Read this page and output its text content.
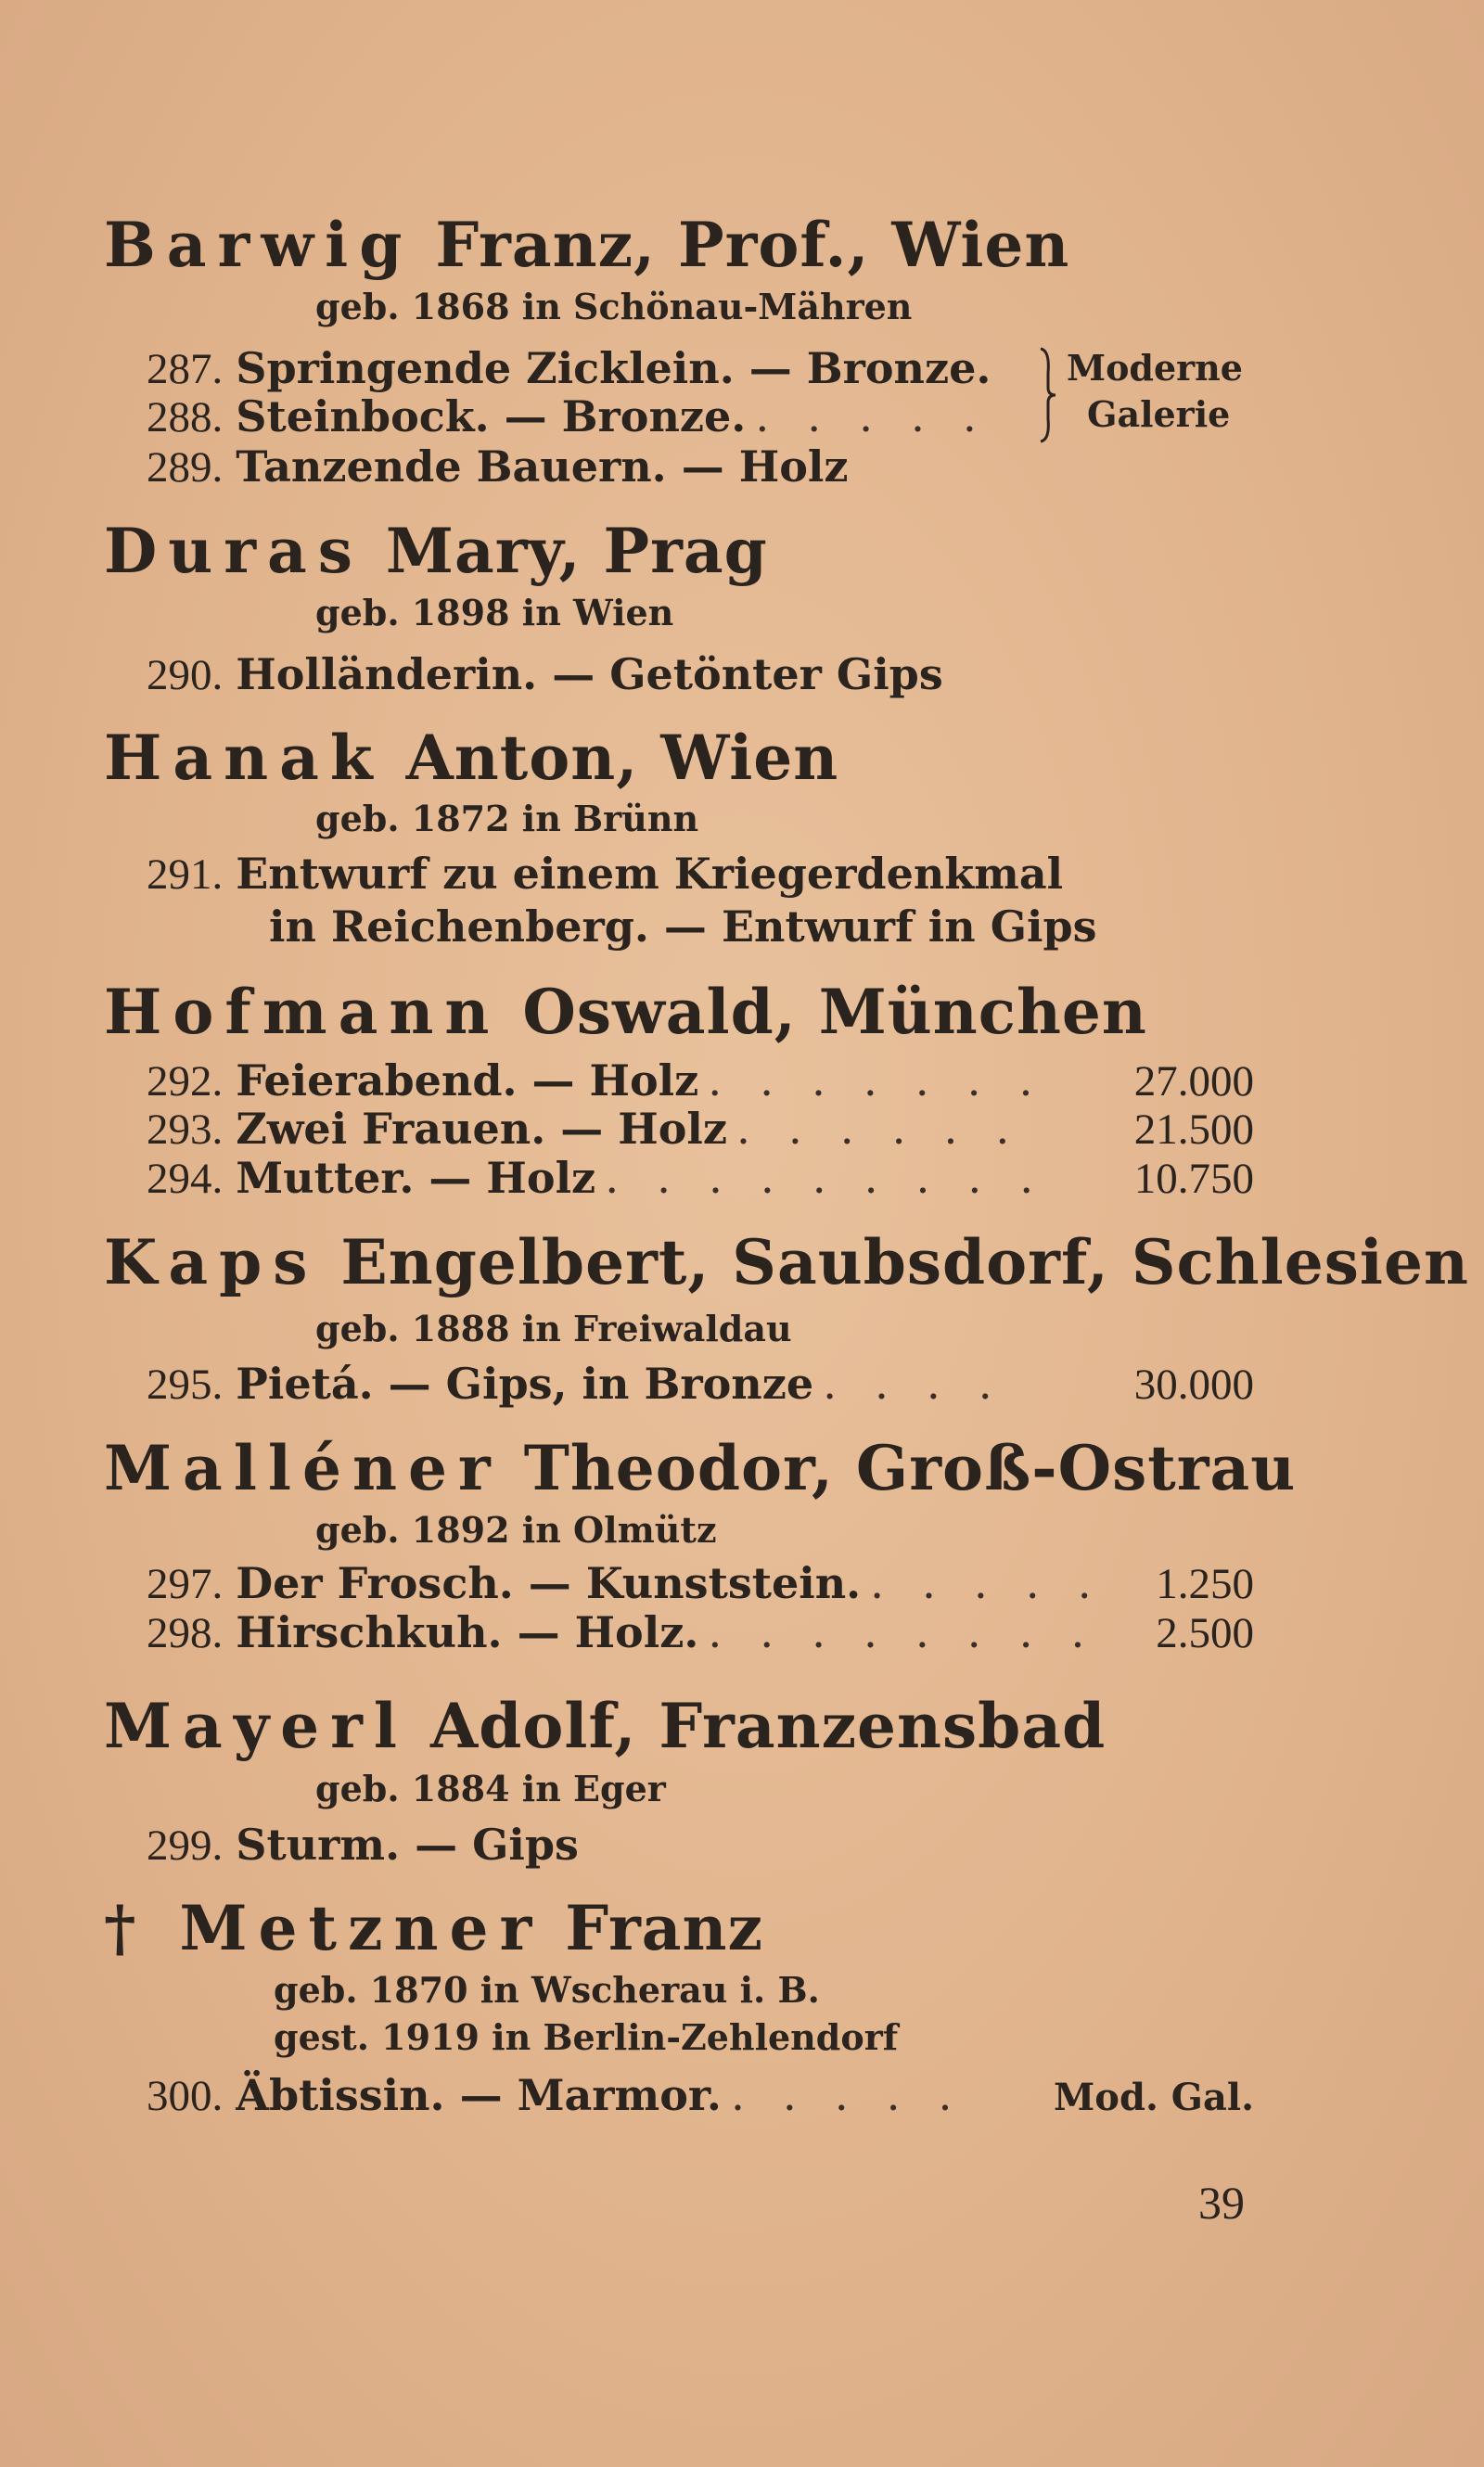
Barwig Franz, Prof., Wien
geb. 1868 in Schönau-Mähren
287. Springende Zicklein. — Bronze.
288. Steinbock. — Bronze. . . . . .
Moderne
Galerie
289. Tanzende Bauern. — Holz
Duras Mary, Prag
geb. 1898 in Wien
290. Holländerin. — Getönter Gips
Hanak Anton, Wien
geb. 1872 in Brünn
291. Entwurf zu einem Kriegerdenkmal
in Reichenberg. — Entwurf in Gips
Hofmann Oswald, München
292. Feierabend. — Holz . . . . . . .	27.000
293. Zwei Frauen. — Holz . . . . . .	21.500
294. Mutter. — Holz . . . . . . . . .	10.750
Kaps Engelbert, Saubsdorf, Schlesien
geb. 1888 in Freiwaldau
295. Pietá. — Gips, in Bronze . . . .	30.000
Malléner Theodor, Groß-Ostrau
geb. 1892 in Olmütz
297. Der Frosch. — Kunststein. . . . . .	1.250
298. Hirschkuh. — Holz. . . . . . . . .	2.500
Mayerl Adolf, Franzensbad
geb. 1884 in Eger
299. Sturm. — Gips
† Metzner Franz
geb. 1870 in Wscherau i. B.
gest. 1919 in Berlin-Zehlendorf
300. Äbtissin. — Marmor. . . . . .	Mod. Gal.
39
